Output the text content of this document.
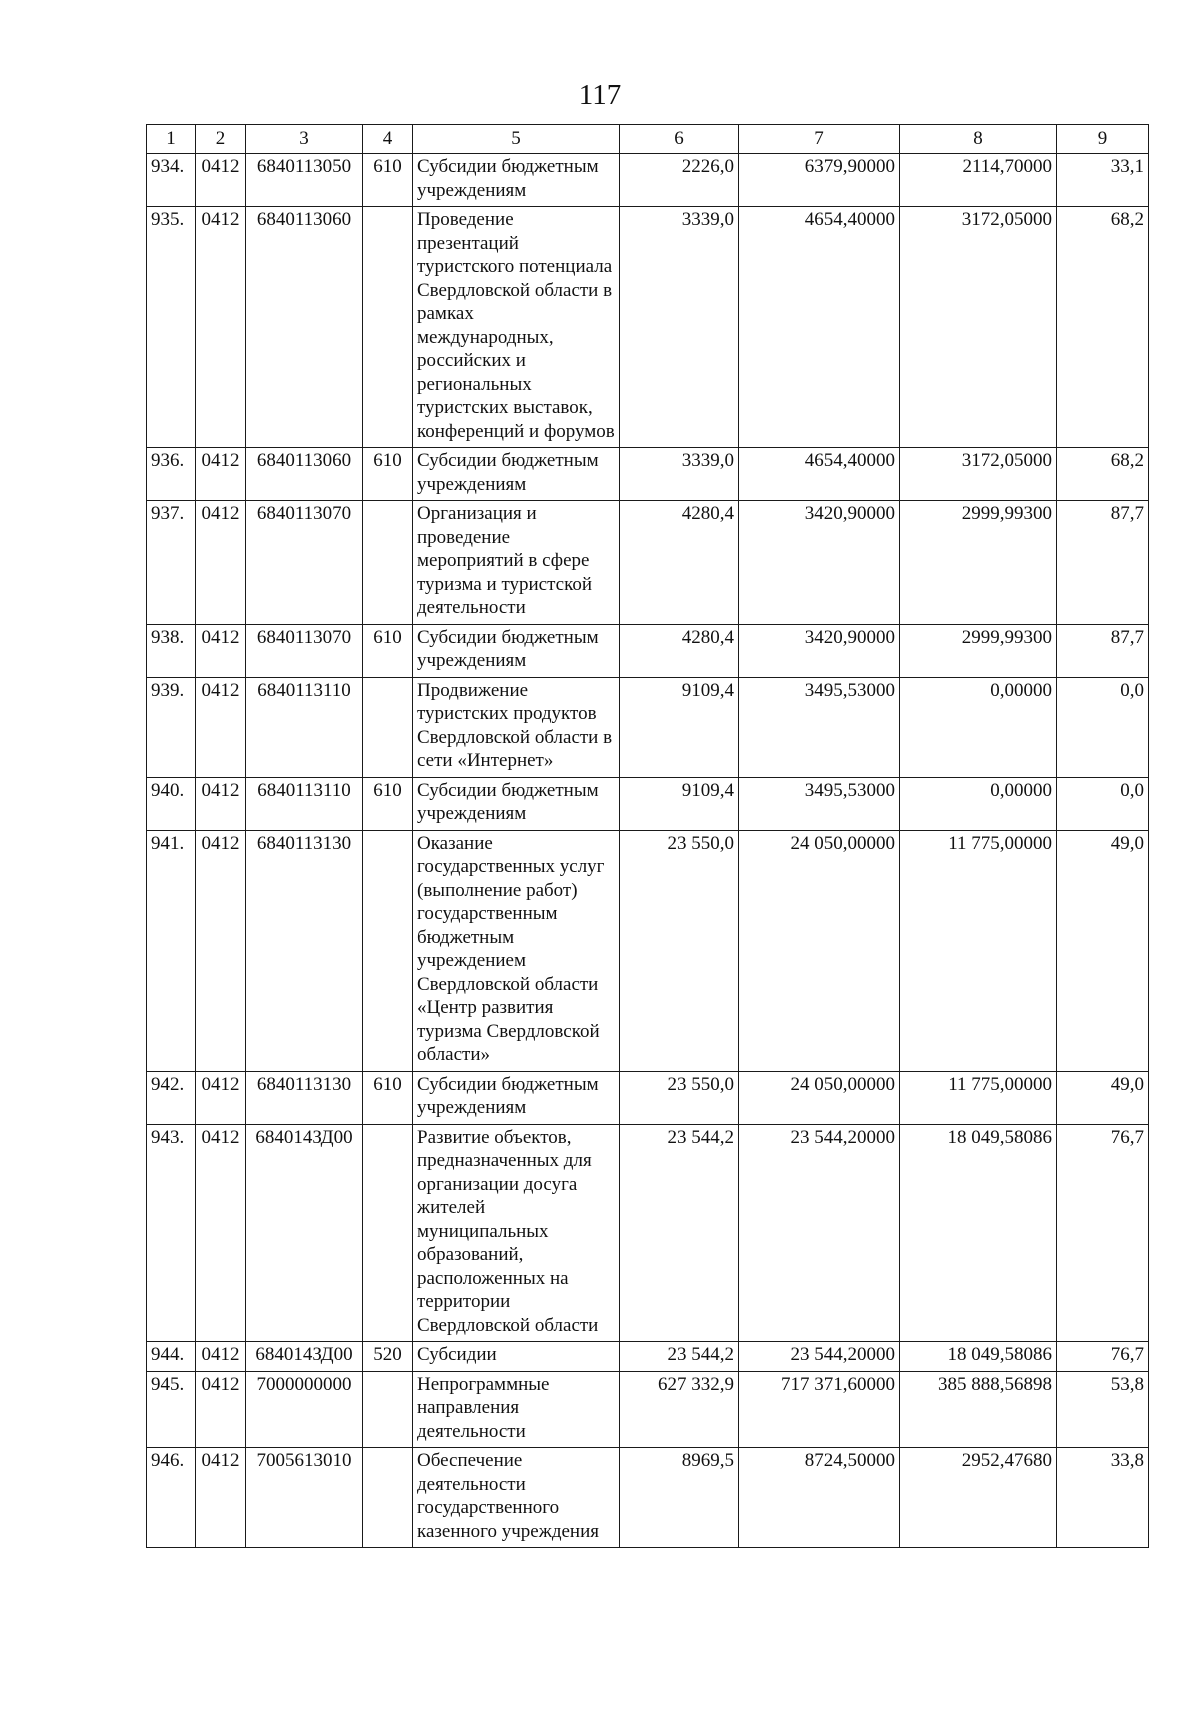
117
1	2	3	4	5	6	7	8	9
934.	0412	6840113050	610	Субсидии бюджетным учреждениям	2226,0	6379,90000	2114,70000	33,1
935.	0412	6840113060		Проведение презентаций туристского потенциала Свердловской области в рамках международных, российских и региональных туристских выставок, конференций и форумов	3339,0	4654,40000	3172,05000	68,2
936.	0412	6840113060	610	Субсидии бюджетным учреждениям	3339,0	4654,40000	3172,05000	68,2
937.	0412	6840113070		Организация и проведение мероприятий в сфере туризма и туристской деятельности	4280,4	3420,90000	2999,99300	87,7
938.	0412	6840113070	610	Субсидии бюджетным учреждениям	4280,4	3420,90000	2999,99300	87,7
939.	0412	6840113110		Продвижение туристских продуктов Свердловской области в сети «Интернет»	9109,4	3495,53000	0,00000	0,0
940.	0412	6840113110	610	Субсидии бюджетным учреждениям	9109,4	3495,53000	0,00000	0,0
941.	0412	6840113130		Оказание государственных услуг (выполнение работ) государственным бюджетным учреждением Свердловской области «Центр развития туризма Свердловской области»	23 550,0	24 050,00000	11 775,00000	49,0
942.	0412	6840113130	610	Субсидии бюджетным учреждениям	23 550,0	24 050,00000	11 775,00000	49,0
943.	0412	684014ЗД00		Развитие объектов, предназначенных для организации досуга жителей муниципальных образований, расположенных на территории Свердловской области	23 544,2	23 544,20000	18 049,58086	76,7
944.	0412	684014ЗД00	520	Субсидии	23 544,2	23 544,20000	18 049,58086	76,7
945.	0412	7000000000		Непрограммные направления деятельности	627 332,9	717 371,60000	385 888,56898	53,8
946.	0412	7005613010		Обеспечение деятельности государственного казенного учреждения	8969,5	8724,50000	2952,47680	33,8
